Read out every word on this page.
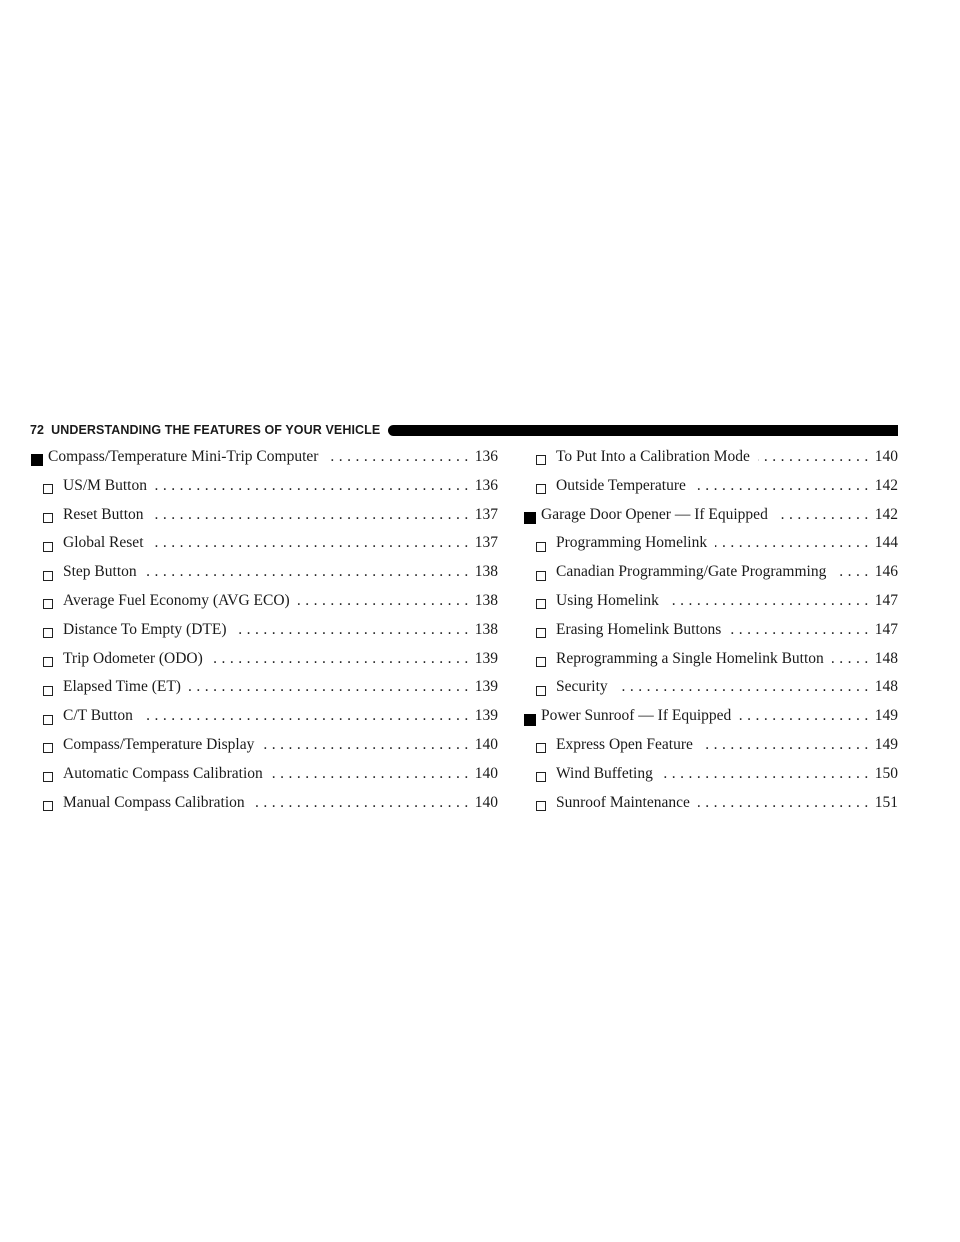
72 UNDERSTANDING THE FEATURES OF YOUR VEHICLE
Compass/Temperature Mini-Trip Computer .....	136
US/M Button .....	136
Reset Button .....	137
Global Reset .....	137
Step Button .....	138
Average Fuel Economy (AVG ECO) .....	138
Distance To Empty (DTE) .....	138
Trip Odometer (ODO) .....	139
Elapsed Time (ET) .....	139
C/T Button .....	139
Compass/Temperature Display .....	140
Automatic Compass Calibration .....	140
Manual Compass Calibration .....	140
To Put Into a Calibration Mode .....	140
Outside Temperature .....	142
Garage Door Opener — If Equipped .....	142
Programming Homelink .....	144
Canadian Programming/Gate Programming .....	146
Using Homelink .....	147
Erasing Homelink Buttons .....	147
Reprogramming a Single Homelink Button .....	148
Security .....	148
Power Sunroof — If Equipped .....	149
Express Open Feature .....	149
Wind Buffeting .....	150
Sunroof Maintenance .....	151
